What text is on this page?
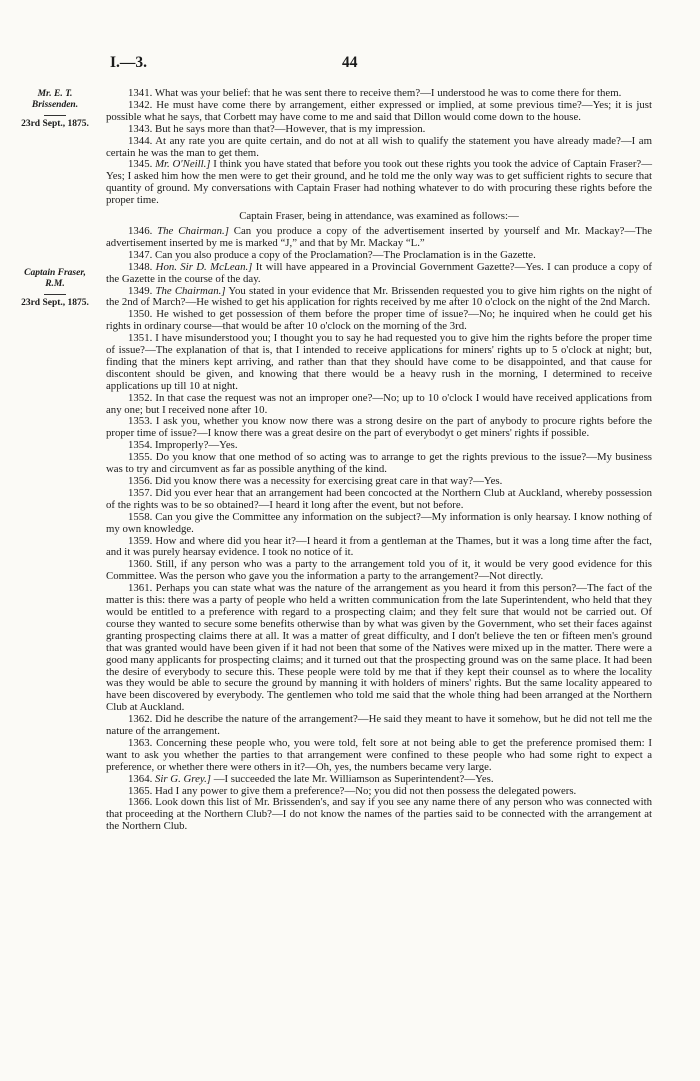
I.—3.	44
Mr. E. T. Brissenden.
23rd Sept., 1875.
Captain Fraser, R.M.
23rd Sept., 1875.

1341. What was your belief: that he was sent there to receive them?—I understood he was to come there for them.

1342. He must have come there by arrangement, either expressed or implied, at some previous time?—Yes; it is just possible what he says, that Corbett may have come to me and said that Dillon would come down to the house.

1343. But he says more than that?—However, that is my impression.

1344. At any rate you are quite certain, and do not at all wish to qualify the statement you have already made?—I am certain he was the man to get them.

1345. Mr. O'Neill.] I think you have stated that before you took out these rights you took the advice of Captain Fraser?—Yes; I asked him how the men were to get their ground, and he told me the only way was to get sufficient rights to secure that quantity of ground. My conversations with Captain Fraser had nothing whatever to do with procuring these rights before the proper time.

Captain Fraser, being in attendance, was examined as follows:—

1346. The Chairman.] Can you produce a copy of the advertisement inserted by yourself and Mr. Mackay?—The advertisement inserted by me is marked “J,” and that by Mr. Mackay “L.”

1347. Can you also produce a copy of the Proclamation?—The Proclamation is in the Gazette.

1348. Hon. Sir D. McLean.] It will have appeared in a Provincial Government Gazette?—Yes. I can produce a copy of the Gazette in the course of the day.

1349. The Chairman.] You stated in your evidence that Mr. Brissenden requested you to give him rights on the night of the 2nd of March?—He wished to get his application for rights received by me after 10 o'clock on the night of the 2nd March.

1350. He wished to get possession of them before the proper time of issue?—No; he inquired when he could get his rights in ordinary course—that would be after 10 o'clock on the morning of the 3rd.

1351. I have misunderstood you; I thought you to say he had requested you to give him the rights before the proper time of issue?—The explanation of that is, that I intended to receive applications for miners' rights up to 5 o'clock at night; but, finding that the miners kept arriving, and rather than that they should have come to be disappointed, and that cause for discontent should be given, and knowing that there would be a heavy rush in the morning, I determined to receive applications up till 10 at night.

1352. In that case the request was not an improper one?—No; up to 10 o'clock I would have received applications from any one; but I received none after 10.

1353. I ask you, whether you know now there was a strong desire on the part of anybody to procure rights before the proper time of issue?—I know there was a great desire on the part of everybodyt o get miners' rights if possible.

1354. Improperly?—Yes.

1355. Do you know that one method of so acting was to arrange to get the rights previous to the issue?—My business was to try and circumvent as far as possible anything of the kind.

1356. Did you know there was a necessity for exercising great care in that way?—Yes.

1357. Did you ever hear that an arrangement had been concocted at the Northern Club at Auckland, whereby possession of the rights was to be so obtained?—I heard it long after the event, but not before.

1558. Can you give the Committee any information on the subject?—My information is only hearsay. I know nothing of my own knowledge.

1359. How and where did you hear it?—I heard it from a gentleman at the Thames, but it was a long time after the fact, and it was purely hearsay evidence. I took no notice of it.

1360. Still, if any person who was a party to the arrangement told you of it, it would be very good evidence for this Committee. Was the person who gave you the information a party to the arrangement?—Not directly.

1361. Perhaps you can state what was the nature of the arrangement as you heard it from this person?—The fact of the matter is this: there was a party of people who held a written communication from the late Superintendent, who held that they would be entitled to a preference with regard to a prospecting claim; and they felt sure that would not be carried out. Of course they wanted to secure some benefits otherwise than by what was given by the Government, who set their faces against granting prospecting claims there at all. It was a matter of great difficulty, and I don't believe the ten or fifteen men's ground that was granted would have been given if it had not been that some of the Natives were mixed up in the matter. There were a good many applicants for prospecting claims; and it turned out that the prospecting ground was on the same place. It had been the desire of everybody to secure this. These people were told by me that if they kept their counsel as to where the locality was they would be able to secure the ground by manning it with holders of miners' rights. But the same locality appeared to have been discovered by everybody. The gentlemen who told me said that the whole thing had been arranged at the Northern Club at Auckland.

1362. Did he describe the nature of the arrangement?—He said they meant to have it somehow, but he did not tell me the nature of the arrangement.

1363. Concerning these people who, you were told, felt sore at not being able to get the preference promised them: I want to ask you whether the parties to that arrangement were confined to these people who had some right to expect a preference, or whether there were others in it?—Oh, yes, the numbers became very large.

1364. Sir G. Grey.] —I succeeded the late Mr. Williamson as Superintendent?—Yes.

1365. Had I any power to give them a preference?—No; you did not then possess the delegated powers.

1366. Look down this list of Mr. Brissenden's, and say if you see any name there of any person who was connected with that proceeding at the Northern Club?—I do not know the names of the parties said to be connected with the arrangement at the Northern Club.
